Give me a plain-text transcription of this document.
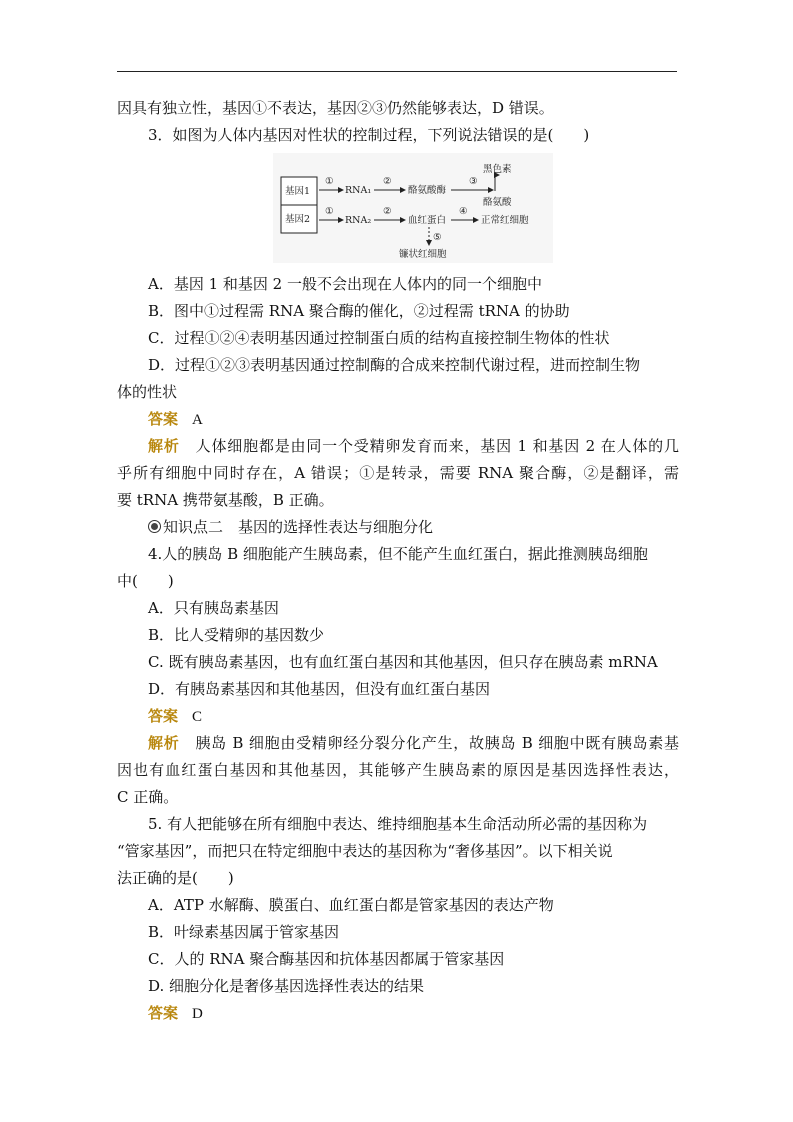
因具有独立性，基因①不表达，基因②③仍然能够表达，D 错误。
3．如图为人体内基因对性状的控制过程，下列说法错误的是(　　)
基因1
基因2
①
RNA₁
②
酪氨酸酶
③
黑色素
酪氨酸
①
RNA₂
②
血红蛋白
④
正常红细胞
⑤
镰状红细胞
A．基因 1 和基因 2 一般不会出现在人体内的同一个细胞中
B．图中①过程需 RNA 聚合酶的催化，②过程需 tRNA 的协助
C．过程①②④表明基因通过控制蛋白质的结构直接控制生物体的性状
D．过程①②③表明基因通过控制酶的合成来控制代谢过程，进而控制生物
体的性状
答案 A
解析 人体细胞都是由同一个受精卵发育而来，基因 1 和基因 2 在人体的几
乎所有细胞中同时存在，A 错误；①是转录，需要 RNA 聚合酶，②是翻译，需
要 tRNA 携带氨基酸，B 正确。
知识点二　基因的选择性表达与细胞分化
4.人的胰岛 B 细胞能产生胰岛素，但不能产生血红蛋白，据此推测胰岛细胞
中(　　)
A．只有胰岛素基因
B．比人受精卵的基因数少
C. 既有胰岛素基因，也有血红蛋白基因和其他基因，但只存在胰岛素 mRNA
D．有胰岛素基因和其他基因，但没有血红蛋白基因
答案 C
解析 胰岛 B 细胞由受精卵经分裂分化产生，故胰岛 B 细胞中既有胰岛素基
因也有血红蛋白基因和其他基因，其能够产生胰岛素的原因是基因选择性表达，
C 正确。
5. 有人把能够在所有细胞中表达、维持细胞基本生命活动所必需的基因称为
“管家基因”，而把只在特定细胞中表达的基因称为“奢侈基因”。以下相关说
法正确的是(　　)
A．ATP 水解酶、膜蛋白、血红蛋白都是管家基因的表达产物
B．叶绿素基因属于管家基因
C．人的 RNA 聚合酶基因和抗体基因都属于管家基因
D. 细胞分化是奢侈基因选择性表达的结果
答案 D
